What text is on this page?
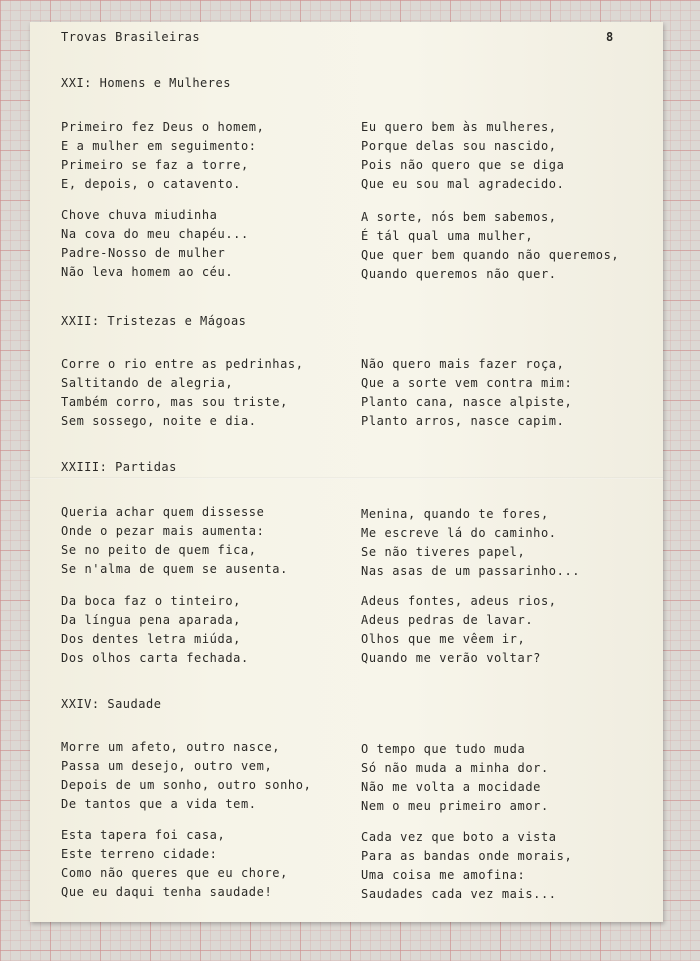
Trovas Brasileiras	8
XXI: Homens e Mulheres
Primeiro fez Deus o homem,
E a mulher em seguimento:
Primeiro se faz a torre,
E, depois, o catavento.
Eu quero bem às mulheres,
Porque delas sou nascido,
Pois não quero que se diga
Que eu sou mal agradecido.
Chove chuva miudinha
Na cova do meu chapéu...
Padre-Nosso de mulher
Não leva homem ao céu.
A sorte, nós bem sabemos,
É tál qual uma mulher,
Que quer bem quando não queremos,
Quando queremos não quer.
XXII: Tristezas e Mágoas
Corre o rio entre as pedrinhas,
Saltitando de alegria,
Também corro, mas sou triste,
Sem sossego, noite e dia.
Não quero mais fazer roça,
Que a sorte vem contra mim:
Planto cana, nasce alpiste,
Planto arros, nasce capim.
XXIII: Partidas
Queria achar quem dissesse
Onde o pezar mais aumenta:
Se no peito de quem fica,
Se n'alma de quem se ausenta.
Menina, quando te fores,
Me escreve lá do caminho.
Se não tiveres papel,
Nas asas de um passarinho...
Da boca faz o tinteiro,
Da língua pena aparada,
Dos dentes letra miúda,
Dos olhos carta fechada.
Adeus fontes, adeus rios,
Adeus pedras de lavar.
Olhos que me vêem ir,
Quando me verão voltar?
XXIV: Saudade
Morre um afeto, outro nasce,
Passa um desejo, outro vem,
Depois de um sonho, outro sonho,
De tantos que a vida tem.
O tempo que tudo muda
Só não muda a minha dor.
Não me volta a mocidade
Nem o meu primeiro amor.
Esta tapera foi casa,
Este terreno cidade:
Como não queres que eu chore,
Que eu daqui tenha saudade!
Cada vez que boto a vista
Para as bandas onde morais,
Uma coisa me amofina:
Saudades cada vez mais...
